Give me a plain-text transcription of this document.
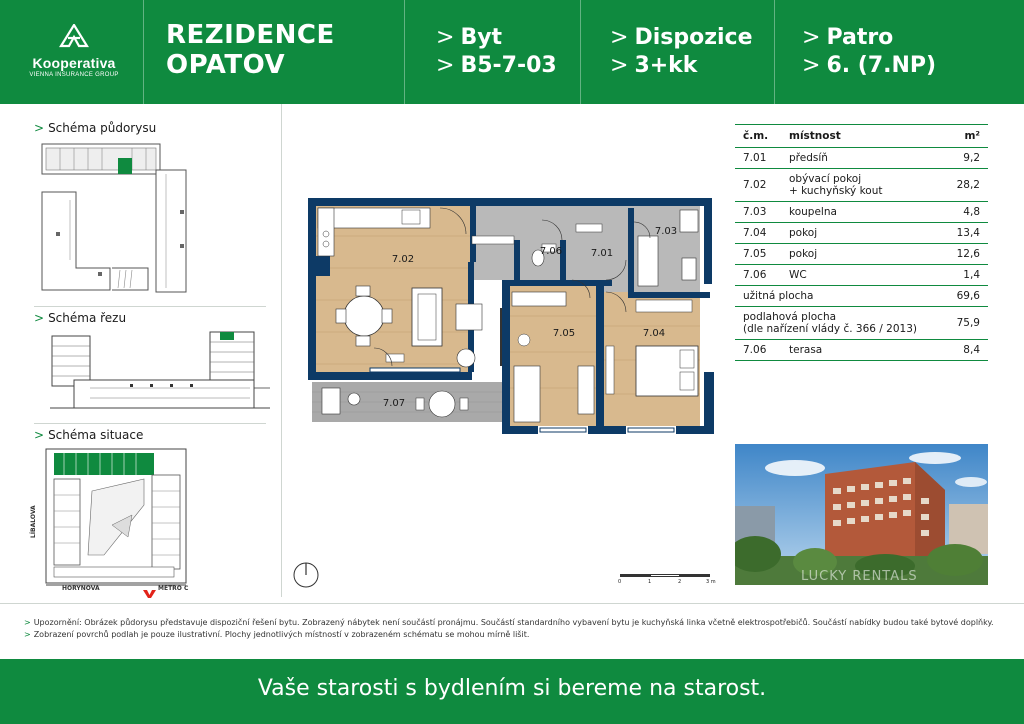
Kooperativa
VIENNA INSURANCE GROUP
REZIDENCE
OPATOV
> Byt
> B5-7-03
> Dispozice
> 3+kk
> Patro
> 6. (7.NP)
> Schéma půdorysu
> Schéma řezu
> Schéma situace
LÍBALOVA
HORYNOVA	METRO C
7.02
7.03
7.06	7.01
7.05	7.04
7.07
0	1	2	3 m
č.m.	místnost	m²
7.01	předsíň	9,2
7.02	obývací pokoj
+ kuchyňský kout	28,2
7.03	koupelna	4,8
7.04	pokoj	13,4
7.05	pokoj	12,6
7.06	WC	1,4
užitná plocha		69,6

podlahová plocha
(dle nařízení vlády č. 366 / 2013)		75,9
7.06	terasa	8,4
LUCKY RENTALS
> Upozornění: Obrázek půdorysu představuje dispoziční řešení bytu. Zobrazený nábytek není součástí pronájmu. Součástí standardního vybavení bytu je kuchyňská linka včetně elektrospotřebičů. Součástí nabídky budou také bytové doplňky.
> Zobrazení povrchů podlah je pouze ilustrativní. Plochy jednotlivých místností v zobrazeném schématu se mohou mírně lišit.
Vaše starosti s bydlením si bereme na starost.
